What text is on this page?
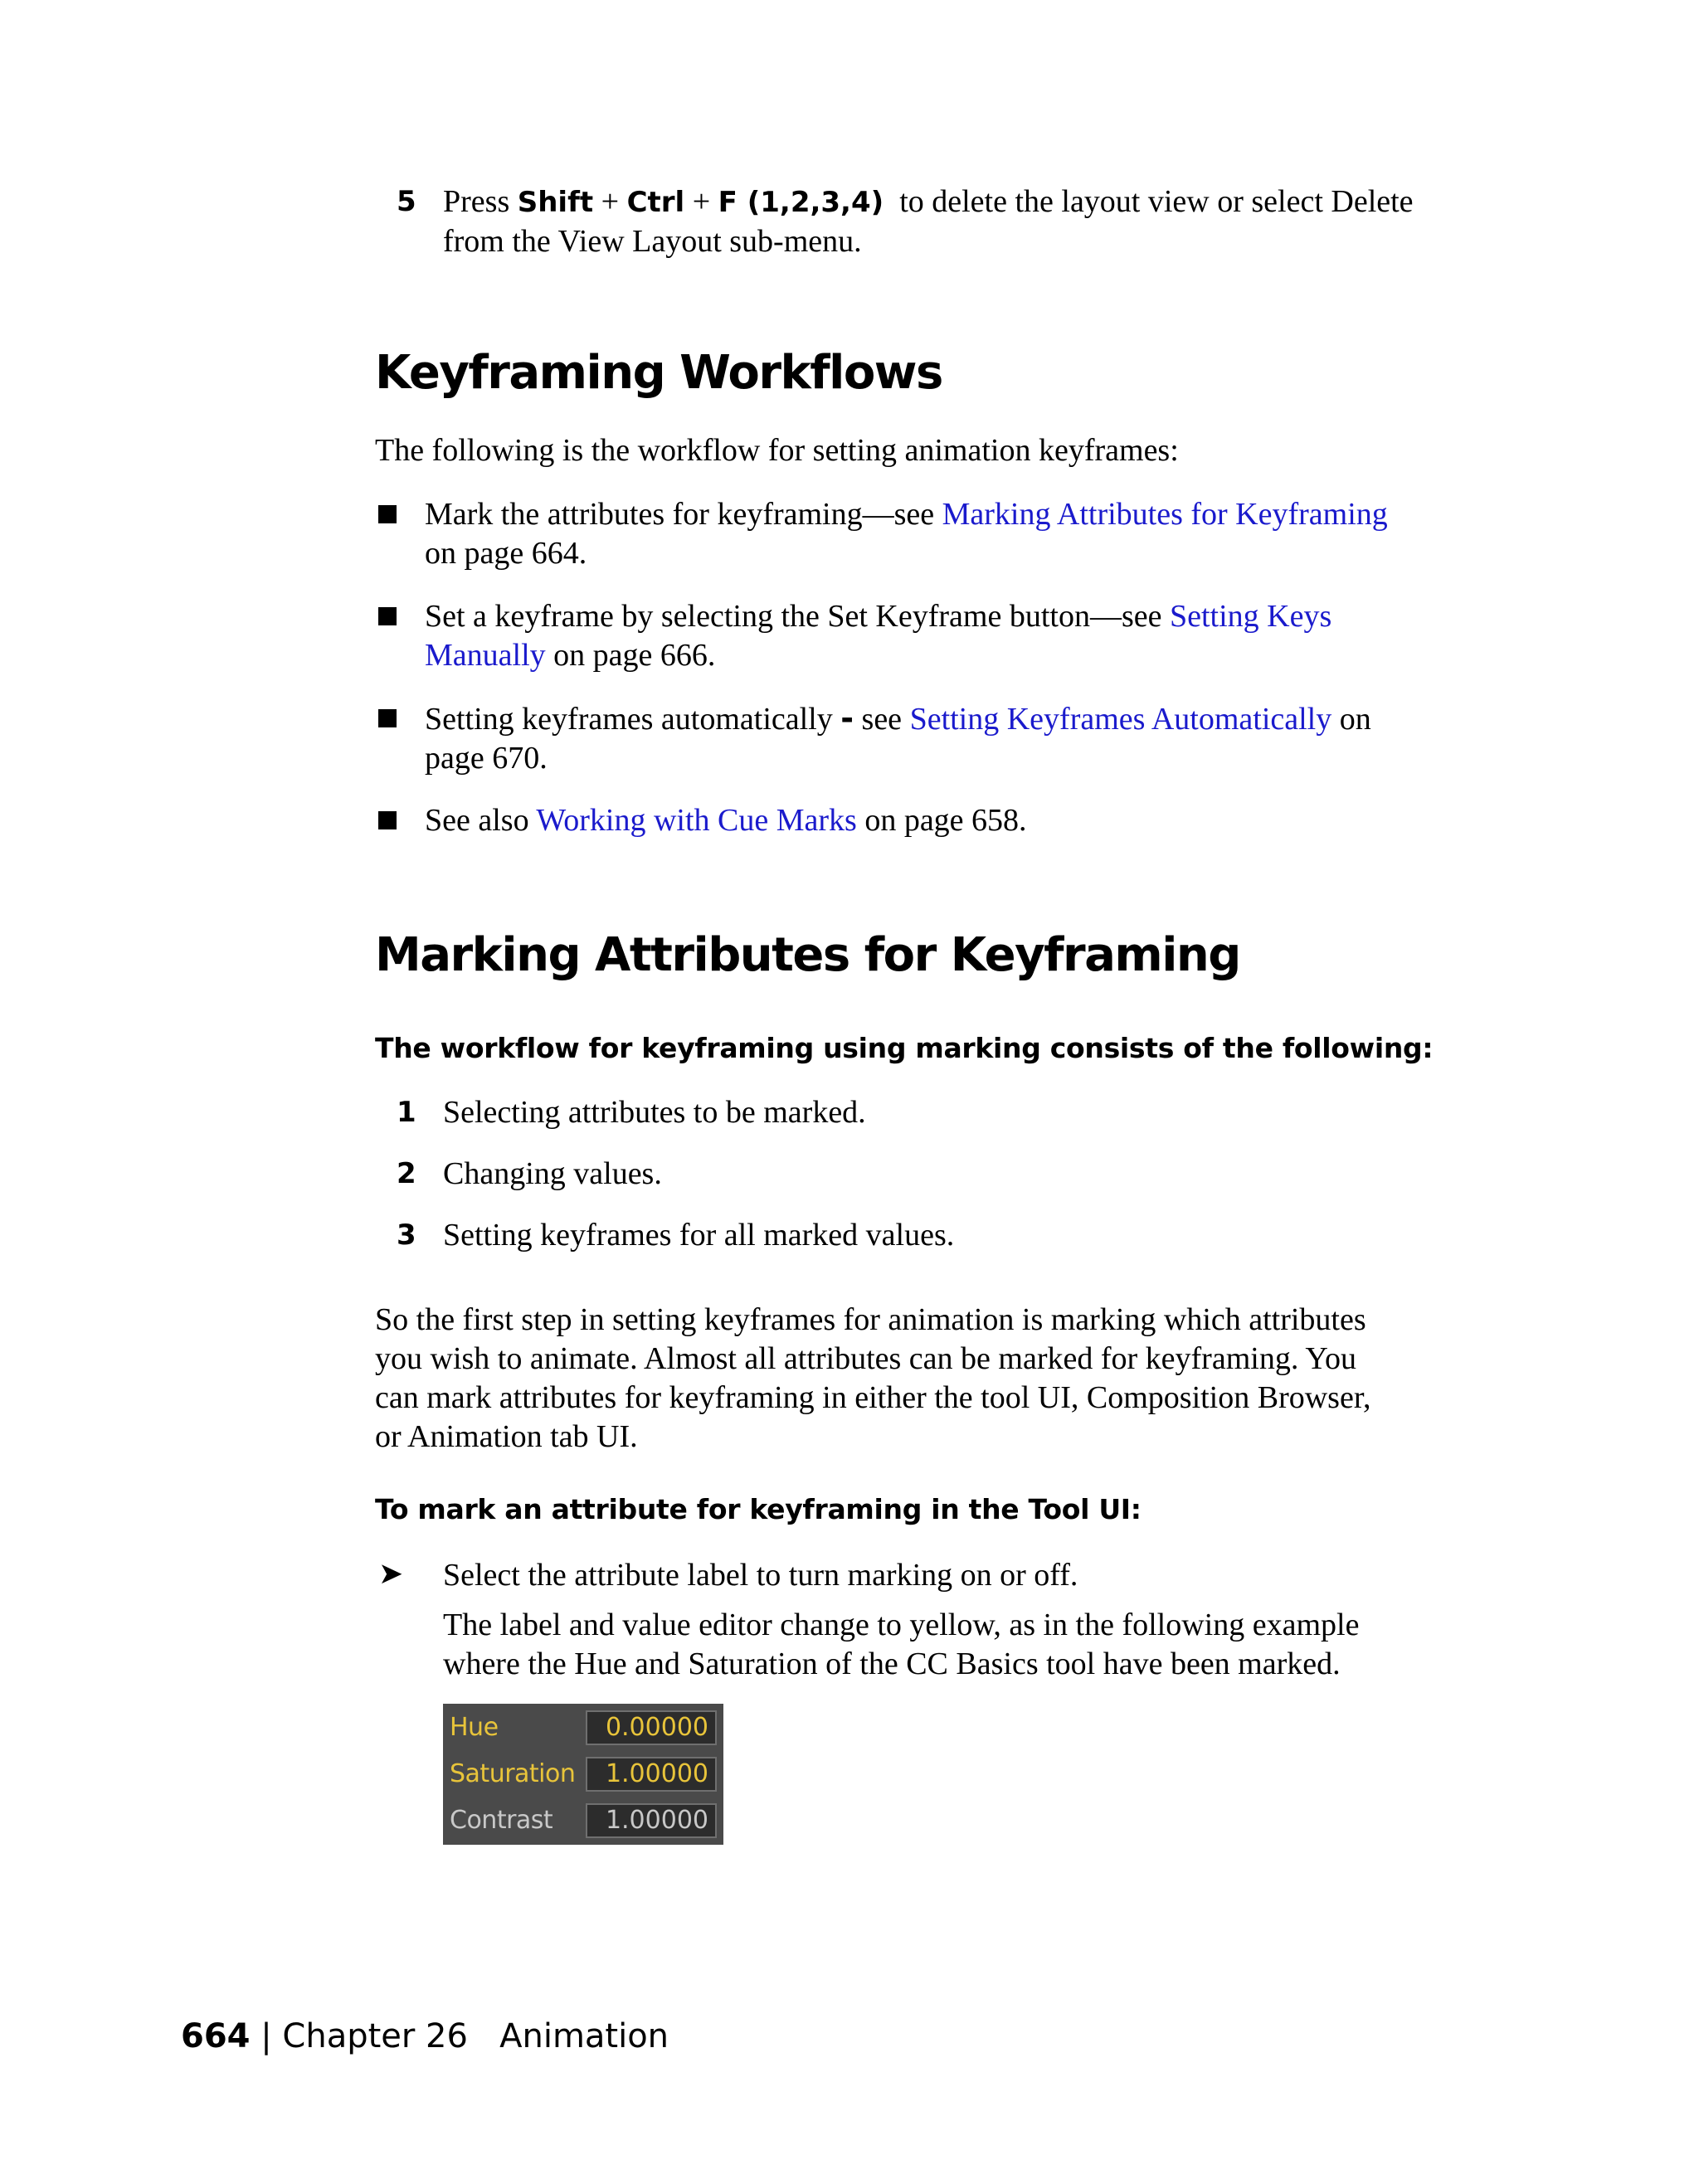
5 Press Shift + Ctrl + F (1,2,3,4)  to delete the layout view or select Delete
from the View Layout sub-menu.
Keyframing Workflows
The following is the workflow for setting animation keyframes:
Mark the attributes for keyframing—see Marking Attributes for Keyframing
on page 664.
Set a keyframe by selecting the Set Keyframe button—see Setting Keys
Manually on page 666.
Setting keyframes automatically - see Setting Keyframes Automatically on
page 670.
See also Working with Cue Marks on page 658.
Marking Attributes for Keyframing
The workflow for keyframing using marking consists of the following:
1 Selecting attributes to be marked.
2 Changing values.
3 Setting keyframes for all marked values.
So the first step in setting keyframes for animation is marking which attributes
you wish to animate. Almost all attributes can be marked for keyframing. You
can mark attributes for keyframing in either the tool UI, Composition Browser,
or Animation tab UI.
To mark an attribute for keyframing in the Tool UI:
➤ Select the attribute label to turn marking on or off.
The label and value editor change to yellow, as in the following example
where the Hue and Saturation of the CC Basics tool have been marked.
Hue	0.00000
Saturation	1.00000
Contrast	1.00000
664 | Chapter 26 Animation
